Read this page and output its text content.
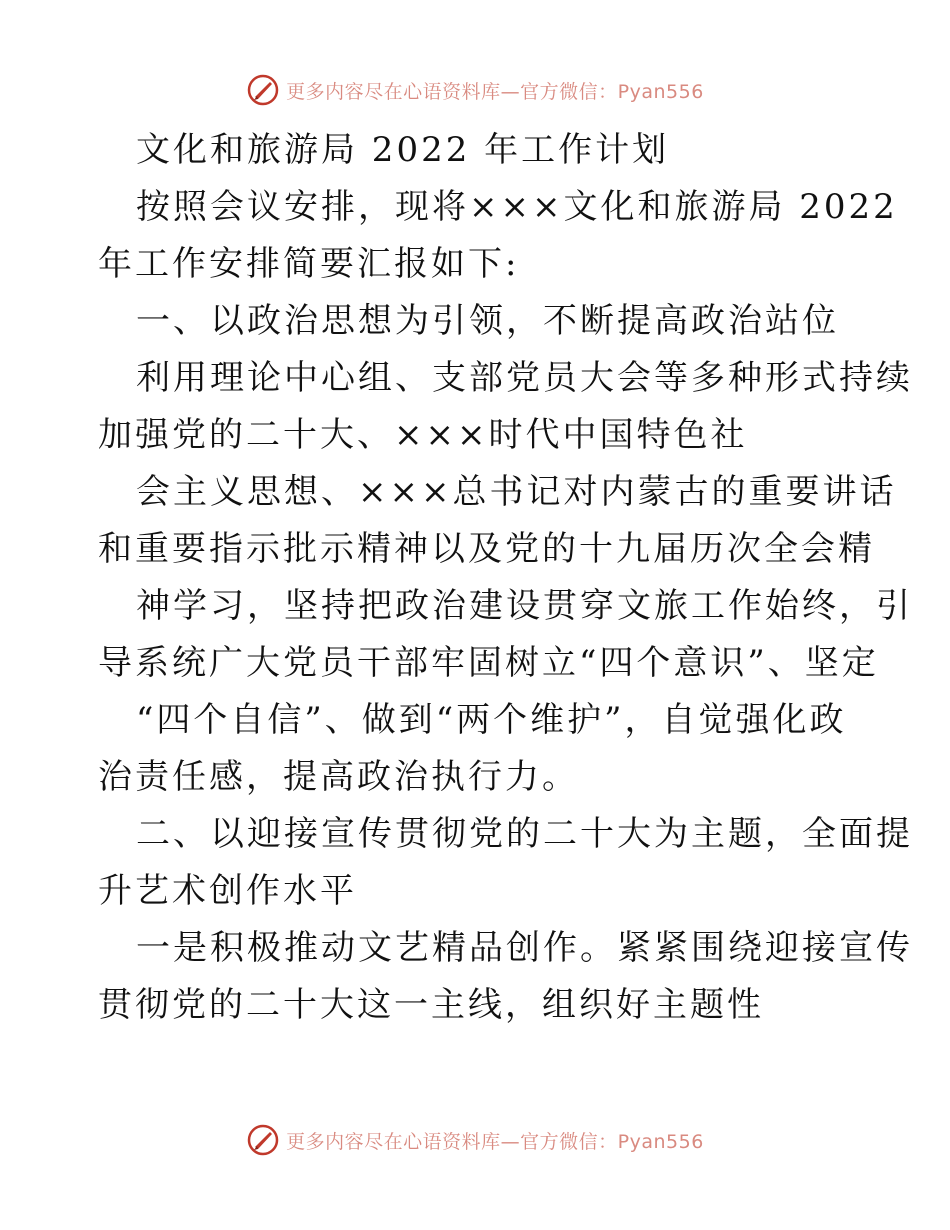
更多内容尽在心语资料库—官方微信：Pyan556
文化和旅游局 2022 年工作计划
按照会议安排，现将×××文化和旅游局 2022
年工作安排简要汇报如下:
一、以政治思想为引领，不断提高政治站位
利用理论中心组、支部党员大会等多种形式持续
加强党的二十大、×××时代中国特色社
会主义思想、×××总书记对内蒙古的重要讲话
和重要指示批示精神以及党的十九届历次全会精
神学习，坚持把政治建设贯穿文旅工作始终，引
导系统广大党员干部牢固树立“四个意识”、坚定
“四个自信”、做到“两个维护”，自觉强化政
治责任感，提高政治执行力。
二、以迎接宣传贯彻党的二十大为主题，全面提
升艺术创作水平
一是积极推动文艺精品创作。紧紧围绕迎接宣传
贯彻党的二十大这一主线，组织好主题性
更多内容尽在心语资料库—官方微信：Pyan556
